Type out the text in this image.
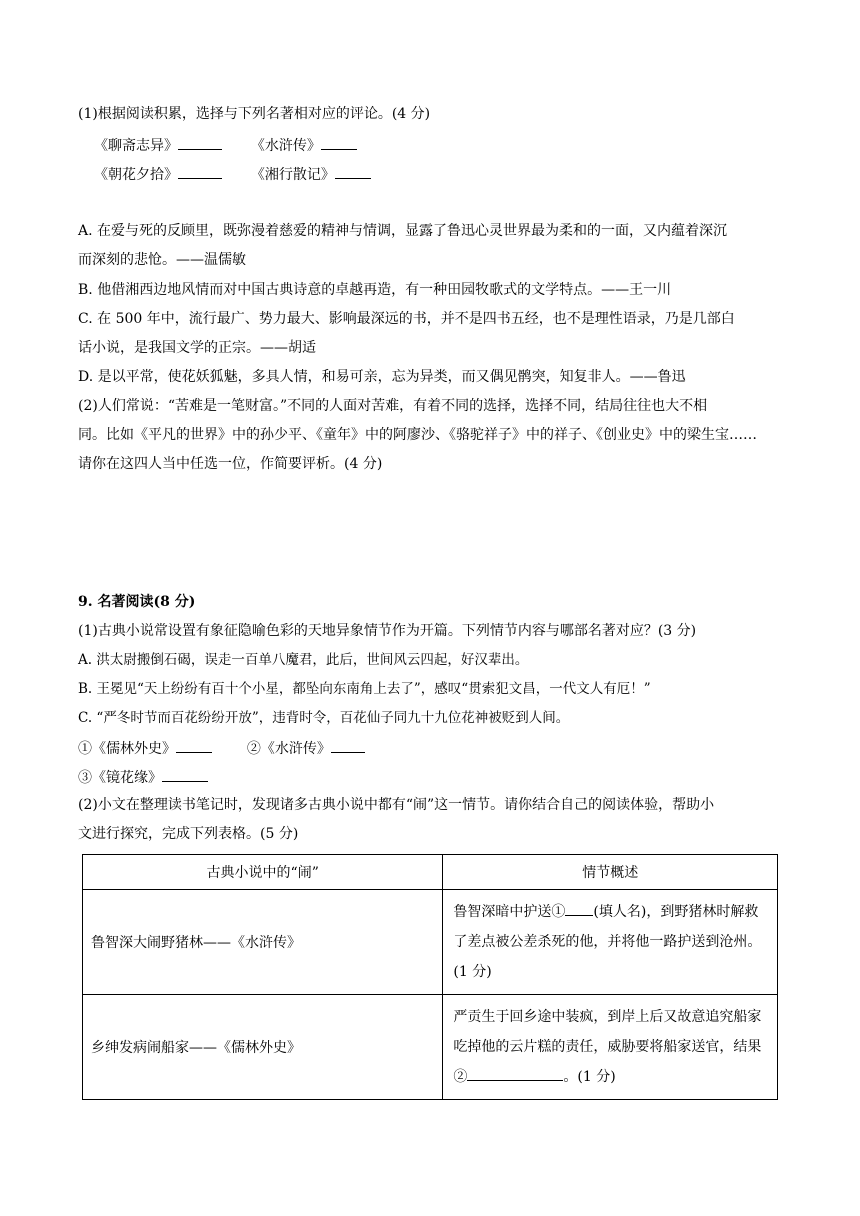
(1)根据阅读积累，选择与下列名著相对应的评论。(4 分)
《聊斋志异》	《水浒传》
《朝花夕拾》	《湘行散记》
A. 在爱与死的反顾里，既弥漫着慈爱的精神与情调，显露了鲁迅心灵世界最为柔和的一面，又内蕴着深沉
而深刻的悲怆。——温儒敏
B. 他借湘西边地风情而对中国古典诗意的卓越再造，有一种田园牧歌式的文学特点。——王一川
C. 在 500 年中，流行最广、势力最大、影响最深远的书，并不是四书五经，也不是理性语录，乃是几部白
话小说，是我国文学的正宗。——胡适
D. 是以平常，使花妖狐魅，多具人情，和易可亲，忘为异类，而又偶见鹘突，知复非人。——鲁迅
(2)人们常说：“苦难是一笔财富。”不同的人面对苦难，有着不同的选择，选择不同，结局往往也大不相
同。比如《平凡的世界》中的孙少平、《童年》中的阿廖沙、《骆驼祥子》中的祥子、《创业史》中的梁生宝……
请你在这四人当中任选一位，作简要评析。(4 分)
9. 名著阅读(8 分)
(1)古典小说常设置有象征隐喻色彩的天地异象情节作为开篇。下列情节内容与哪部名著对应？(3 分)
A. 洪太尉搬倒石碣，误走一百单八魔君，此后，世间风云四起，好汉辈出。
B. 王冕见“天上纷纷有百十个小星，都坠向东南角上去了”，感叹“贯索犯文昌，一代文人有厄！”
C. “严冬时节而百花纷纷开放”，违背时令，百花仙子同九十九位花神被贬到人间。
①《儒林外史》	②《水浒传》
③《镜花缘》
(2)小文在整理读书笔记时，发现诸多古典小说中都有“闹”这一情节。请你结合自己的阅读体验，帮助小
文进行探究，完成下列表格。(5 分)
古典小说中的“闹”	情节概述
鲁智深大闹野猪林——《水浒传》	鲁智深暗中护送① (填人名)，到野猪林时解救了差点被公差杀死的他，并将他一路护送到沧州。(1 分)
乡绅发病闹船家——《儒林外史》	严贡生于回乡途中装疯，到岸上后又故意追究船家吃掉他的云片糕的责任，威胁要将船家送官，结果② 。(1 分)
